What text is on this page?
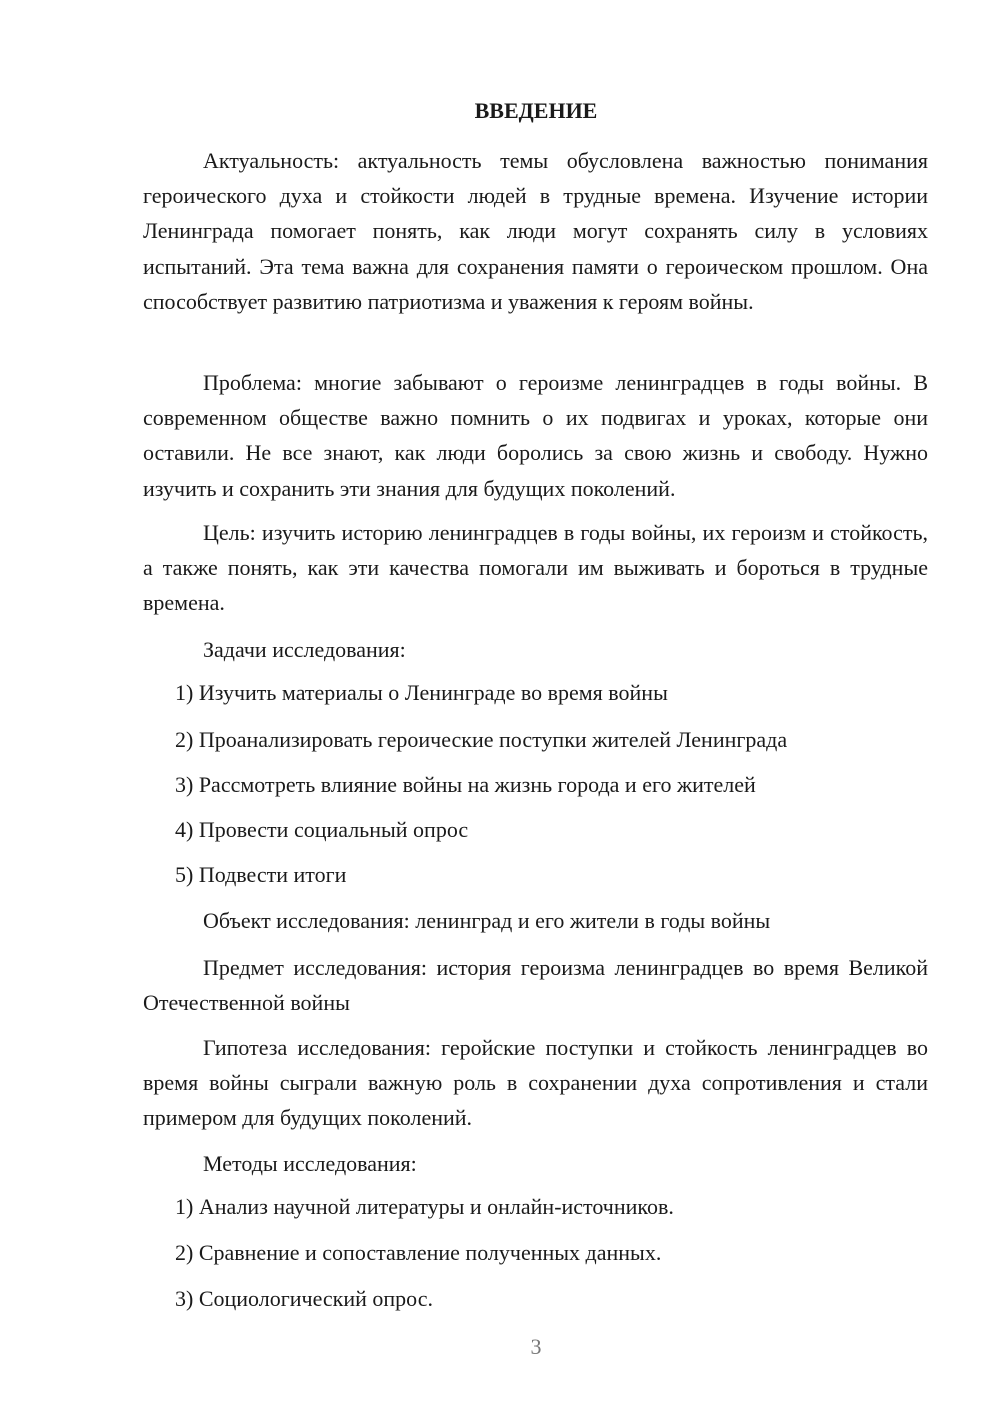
ВВЕДЕНИЕ
Актуальность: актуальность темы обусловлена важностью понимания героического духа и стойкости людей в трудные времена. Изучение истории Ленинграда помогает понять, как люди могут сохранять силу в условиях испытаний. Эта тема важна для сохранения памяти о героическом прошлом. Она способствует развитию патриотизма и уважения к героям войны.
Проблема: многие забывают о героизме ленинградцев в годы войны. В современном обществе важно помнить о их подвигах и уроках, которые они оставили. Не все знают, как люди боролись за свою жизнь и свободу. Нужно изучить и сохранить эти знания для будущих поколений.
Цель: изучить историю ленинградцев в годы войны, их героизм и стойкость, а также понять, как эти качества помогали им выживать и бороться в трудные времена.
Задачи исследования:
1) Изучить материалы о Ленинграде во время войны
2) Проанализировать героические поступки жителей Ленинграда
3) Рассмотреть влияние войны на жизнь города и его жителей
4) Провести социальный опрос
5) Подвести итоги
Объект исследования: ленинград и его жители в годы войны
Предмет исследования: история героизма ленинградцев во время Великой Отечественной войны
Гипотеза исследования: геройские поступки и стойкость ленинградцев во время войны сыграли важную роль в сохранении духа сопротивления и стали примером для будущих поколений.
Методы исследования:
1) Анализ научной литературы и онлайн-источников.
2) Сравнение и сопоставление полученных данных.
3) Социологический опрос.
3
